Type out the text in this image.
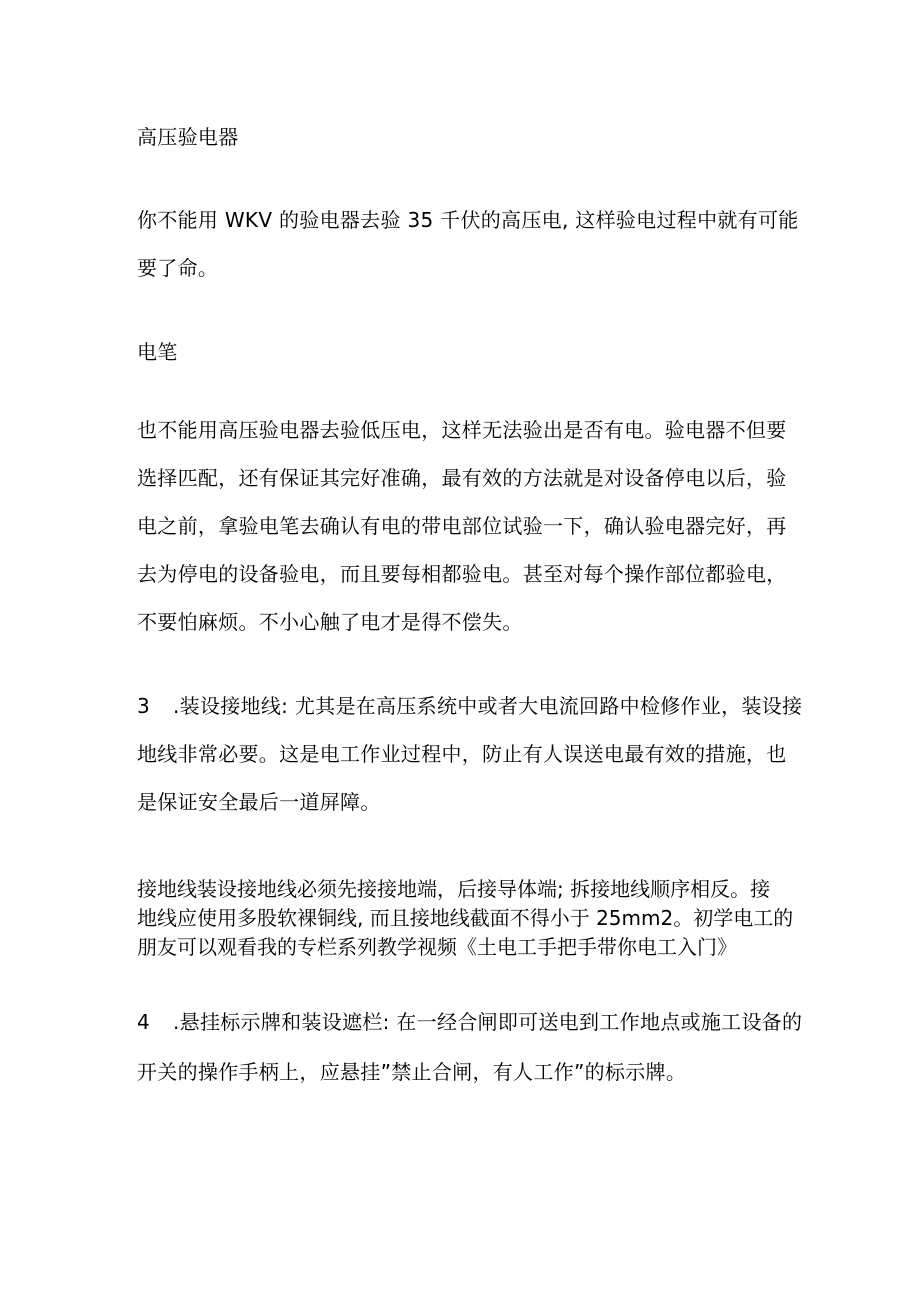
高压验电器
你不能用 WKV 的验电器去验 35 千伏的高压电, 这样验电过程中就有可能
要了命。
电笔
也不能用高压验电器去验低压电，这样无法验出是否有电。验电器不但要
选择匹配，还有保证其完好准确，最有效的方法就是对设备停电以后，验
电之前，拿验电笔去确认有电的带电部位试验一下，确认验电器完好，再
去为停电的设备验电，而且要每相都验电。甚至对每个操作部位都验电，
不要怕麻烦。不小心触了电才是得不偿失。
3 .装设接地线: 尤其是在高压系统中或者大电流回路中检修作业，装设接
地线非常必要。这是电工作业过程中，防止有人误送电最有效的措施，也
是保证安全最后一道屏障。
接地线装设接地线必须先接接地端，后接导体端; 拆接地线顺序相反。接
地线应使用多股软裸铜线, 而且接地线截面不得小于 25mm2。初学电工的
朋友可以观看我的专栏系列教学视频《土电工手把手带你电工入门》
4 .悬挂标示牌和装设遮栏: 在一经合闸即可送电到工作地点或施工设备的
开关的操作手柄上，应悬挂”禁止合闸，有人工作”的标示牌。
